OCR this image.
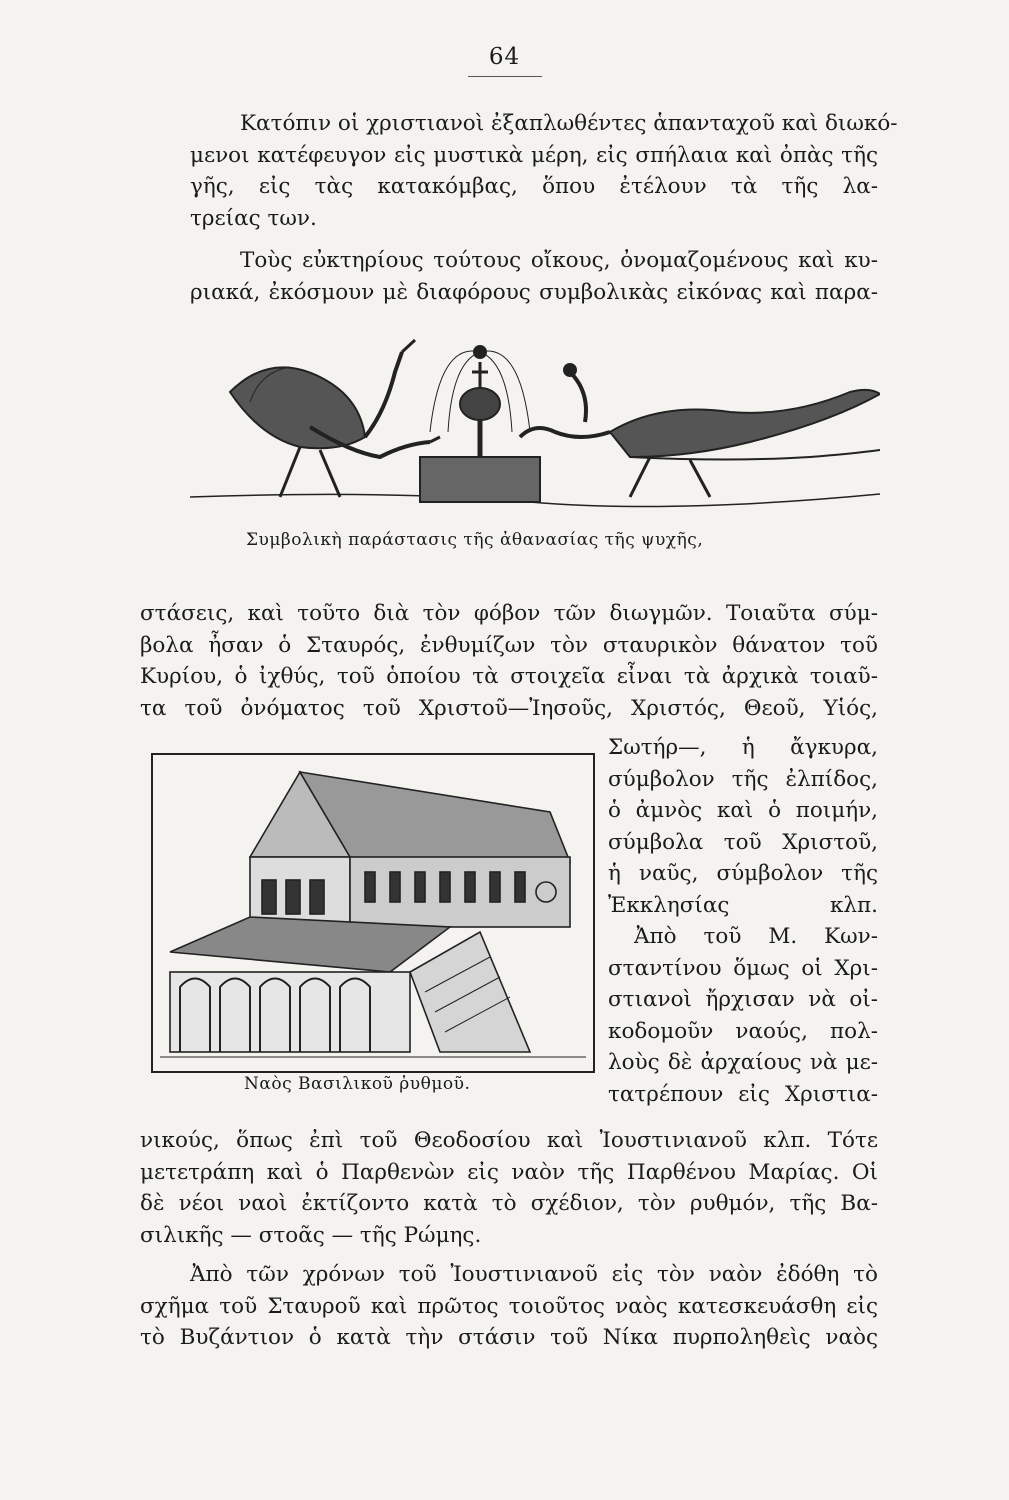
64
Κατόπιν οἱ χριστιανοὶ ἐξαπλωθέντες ἁπανταχοῦ καὶ διωκό-
μενοι κατέφευγον εἰς μυστικὰ μέρη, εἰς σπήλαια καὶ ὀπὰς τῆς
γῆς, εἰς τὰς κατακόμβας, ὅπου ἐτέλουν τὰ τῆς λα-
τρείας των.
Τοὺς εὐκτηρίους τούτους οἴκους, ὀνομαζομένους καὶ κυ-
ριακά, ἐκόσμουν μὲ διαφόρους συμβολικὰς εἰκόνας καὶ παρα-
Συμβολικὴ παράστασις τῆς ἀθανασίας τῆς ψυχῆς,
στάσεις, καὶ τοῦτο διὰ τὸν φόβον τῶν διωγμῶν. Τοιαῦτα σύμ-
βολα ἦσαν ὁ Σταυρός, ἐνθυμίζων τὸν σταυρικὸν θάνατον τοῦ
Κυρίου, ὁ ἰχθύς, τοῦ ὁποίου τὰ στοιχεῖα εἶναι τὰ ἀρχικὰ τοιαῦ-
τα τοῦ ὀνόματος τοῦ Χριστοῦ—Ἰησοῦς, Χριστός, Θεοῦ, Υἱός,
Ναὸς Βασιλικοῦ ῥυθμοῦ.
Σωτήρ—, ἡ ἄγκυρα,
σύμβολον τῆς ἐλπίδος,
ὁ ἀμνὸς καὶ ὁ ποιμήν,
σύμβολα τοῦ Χριστοῦ,
ἡ ναῦς, σύμβολον τῆς
Ἐκκλησίας κλπ.
Ἀπὸ τοῦ Μ. Κων-
σταντίνου ὅμως οἱ Χρι-
στιανοὶ ἤρχισαν νὰ οἰ-
κοδομοῦν ναούς, πολ-
λοὺς δὲ ἀρχαίους νὰ με-
τατρέπουν εἰς Χριστια-
νικούς, ὅπως ἐπὶ τοῦ Θεοδοσίου καὶ Ἰουστινιανοῦ κλπ. Τότε
μετετράπη καὶ ὁ Παρθενὼν εἰς ναὸν τῆς Παρθένου Μαρίας. Οἱ
δὲ νέοι ναοὶ ἐκτίζοντο κατὰ τὸ σχέδιον, τὸν ρυθμόν, τῆς Βα-
σιλικῆς — στοᾶς — τῆς Ρώμης.
Ἀπὸ τῶν χρόνων τοῦ Ἰουστινιανοῦ εἰς τὸν ναὸν ἐδόθη τὸ
σχῆμα τοῦ Σταυροῦ καὶ πρῶτος τοιοῦτος ναὸς κατεσκευάσθη εἰς
τὸ Βυζάντιον ὁ κατὰ τὴν στάσιν τοῦ Νίκα πυρποληθεὶς ναὸς
